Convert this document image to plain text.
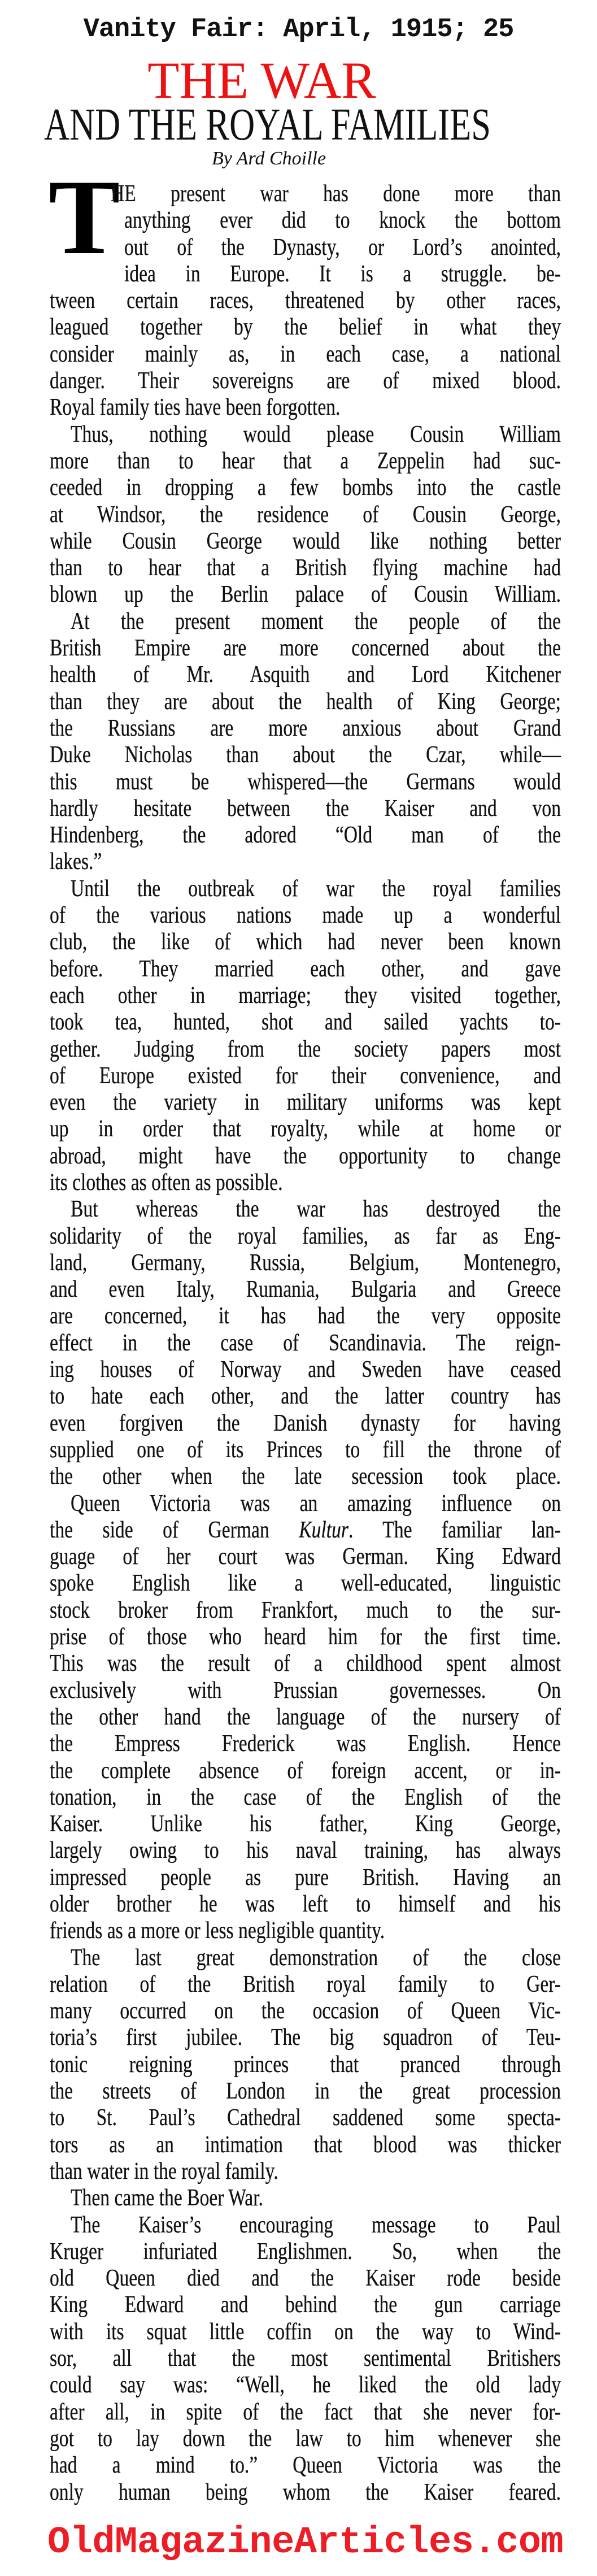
Vanity Fair: April, 1915; 25
THE WAR
AND THE ROYAL FAMILIES
By Ard Choille
T
HE present war has done more than
anything ever did to knock the bottom
out of the Dynasty, or Lord’s anointed,
idea in Europe. It is a struggle. be-
tween certain races, threatened by other races,
leagued together by the belief in what they
consider mainly as, in each case, a national
danger. Their sovereigns are of mixed blood.
Royal family ties have been forgotten.
Thus, nothing would please Cousin William
more than to hear that a Zeppelin had suc-
ceeded in dropping a few bombs into the castle
at Windsor, the residence of Cousin George,
while Cousin George would like nothing better
than to hear that a British flying machine had
blown up the Berlin palace of Cousin William.
At the present moment the people of the
British Empire are more concerned about the
health of Mr. Asquith and Lord Kitchener
than they are about the health of King George;
the Russians are more anxious about Grand
Duke Nicholas than about the Czar, while—
this must be whispered—the Germans would
hardly hesitate between the Kaiser and von
Hindenberg, the adored “Old man of the
lakes.”
Until the outbreak of war the royal families
of the various nations made up a wonderful
club, the like of which had never been known
before. They married each other, and gave
each other in marriage; they visited together,
took tea, hunted, shot and sailed yachts to-
gether. Judging from the society papers most
of Europe existed for their convenience, and
even the variety in military uniforms was kept
up in order that royalty, while at home or
abroad, might have the opportunity to change
its clothes as often as possible.
But whereas the war has destroyed the
solidarity of the royal families, as far as Eng-
land, Germany, Russia, Belgium, Montenegro,
and even Italy, Rumania, Bulgaria and Greece
are concerned, it has had the very opposite
effect in the case of Scandinavia. The reign-
ing houses of Norway and Sweden have ceased
to hate each other, and the latter country has
even forgiven the Danish dynasty for having
supplied one of its Princes to fill the throne of
the other when the late secession took place.
Queen Victoria was an amazing influence on
the side of German Kultur. The familiar lan-
guage of her court was German. King Edward
spoke English like a well-educated, linguistic
stock broker from Frankfort, much to the sur-
prise of those who heard him for the first time.
This was the result of a childhood spent almost
exclusively with Prussian governesses. On
the other hand the language of the nursery of
the Empress Frederick was English. Hence
the complete absence of foreign accent, or in-
tonation, in the case of the English of the
Kaiser. Unlike his father, King George,
largely owing to his naval training, has always
impressed people as pure British. Having an
older brother he was left to himself and his
friends as a more or less negligible quantity.
The last great demonstration of the close
relation of the British royal family to Ger-
many occurred on the occasion of Queen Vic-
toria’s first jubilee. The big squadron of Teu-
tonic reigning princes that pranced through
the streets of London in the great procession
to St. Paul’s Cathedral saddened some specta-
tors as an intimation that blood was thicker
than water in the royal family.
Then came the Boer War.
The Kaiser’s encouraging message to Paul
Kruger infuriated Englishmen. So, when the
old Queen died and the Kaiser rode beside
King Edward and behind the gun carriage
with its squat little coffin on the way to Wind-
sor, all that the most sentimental Britishers
could say was: “Well, he liked the old lady
after all, in spite of the fact that she never for-
got to lay down the law to him whenever she
had a mind to.” Queen Victoria was the
only human being whom the Kaiser feared.
OldMagazineArticles.com
